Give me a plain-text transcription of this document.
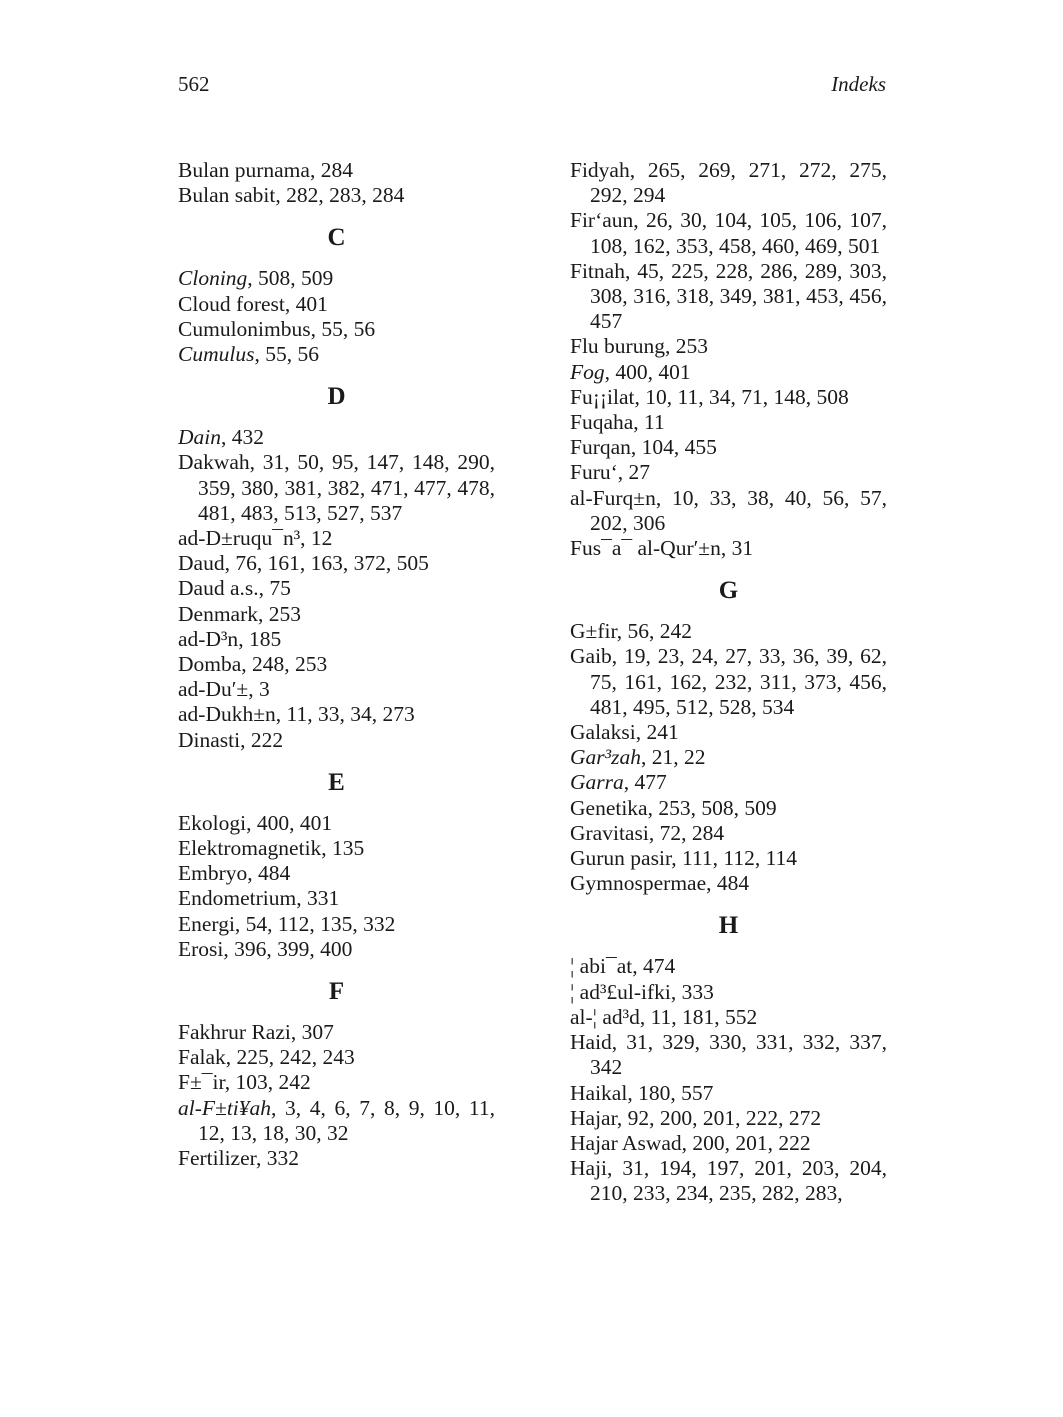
562	Indeks
Bulan purnama, 284
Bulan sabit, 282, 283, 284
C
Cloning, 508, 509
Cloud forest, 401
Cumulonimbus, 55, 56
Cumulus, 55, 56
D
Dain, 432
Dakwah, 31, 50, 95, 147, 148, 290, 359, 380, 381, 382, 471, 477, 478, 481, 483, 513, 527, 537
ad-D±ruqu¯n³, 12
Daud, 76, 161, 163, 372, 505
Daud a.s., 75
Denmark, 253
ad-D³n, 185
Domba, 248, 253
ad-Du′±, 3
ad-Dukh±n, 11, 33, 34, 273
Dinasti, 222
E
Ekologi, 400, 401
Elektromagnetik, 135
Embryo, 484
Endometrium, 331
Energi, 54, 112, 135, 332
Erosi, 396, 399, 400
F
Fakhrur Razi, 307
Falak, 225, 242, 243
F±¯ir, 103, 242
al-F±ti¥ah, 3, 4, 6, 7, 8, 9, 10, 11, 12, 13, 18, 30, 32
Fertilizer, 332
Fidyah, 265, 269, 271, 272, 275, 292, 294
Fir‘aun, 26, 30, 104, 105, 106, 107, 108, 162, 353, 458, 460, 469, 501
Fitnah, 45, 225, 228, 286, 289, 303, 308, 316, 318, 349, 381, 453, 456, 457
Flu burung, 253
Fog, 400, 401
Fu¡¡ilat, 10, 11, 34, 71, 148, 508
Fuqaha, 11
Furqan, 104, 455
Furu‘, 27
al-Furq±n, 10, 33, 38, 40, 56, 57, 202, 306
Fus¯a¯ al-Qur′±n, 31
G
G±fir, 56, 242
Gaib, 19, 23, 24, 27, 33, 36, 39, 62, 75, 161, 162, 232, 311, 373, 456, 481, 495, 512, 528, 534
Galaksi, 241
Gar³zah, 21, 22
Garra, 477
Genetika, 253, 508, 509
Gravitasi, 72, 284
Gurun pasir, 111, 112, 114
Gymnospermae, 484
H
¦ abi¯at, 474
¦ ad³£ul-ifki, 333
al-¦ ad³d, 11, 181, 552
Haid, 31, 329, 330, 331, 332, 337, 342
Haikal, 180, 557
Hajar, 92, 200, 201, 222, 272
Hajar Aswad, 200, 201, 222
Haji, 31, 194, 197, 201, 203, 204, 210, 233, 234, 235, 282, 283,
